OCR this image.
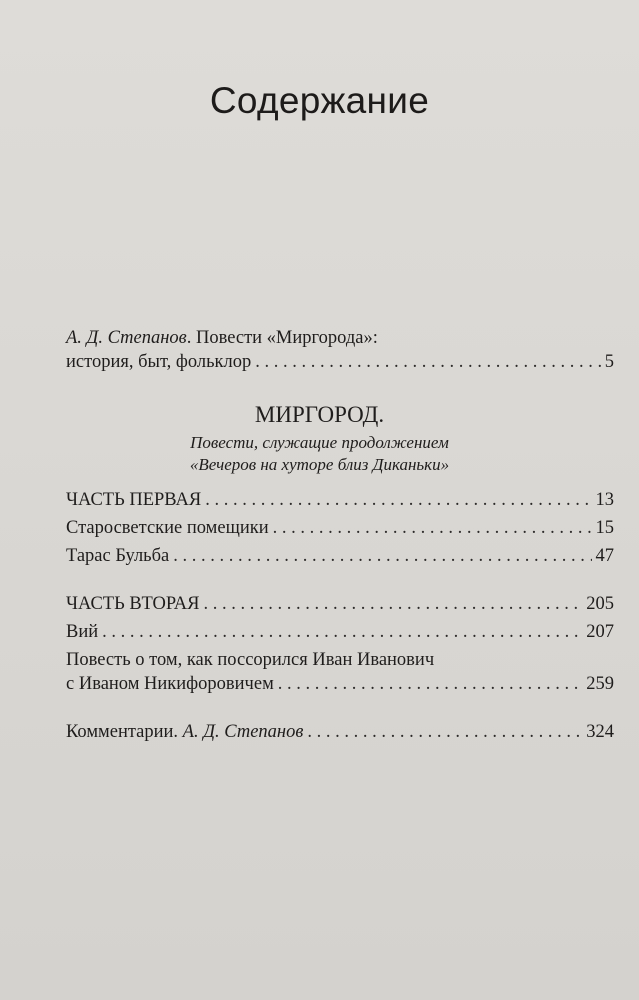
Содержание
А. Д. Степанов. Повести «Миргорода»:
история, быт, фольклор . . .	5
МИРГОРОД.
Повести, служащие продолжением
«Вечеров на хуторе близ Диканьки»
ЧАСТЬ ПЕРВАЯ . . .	13
Старосветские помещики . . .	15
Тарас Бульба . . .	47
ЧАСТЬ ВТОРАЯ . . .	205
Вий . . .	207
Повесть о том, как поссорился Иван Иванович
с Иваном Никифоровичем . . .	259
Комментарии. А. Д. Степанов . . .	324
